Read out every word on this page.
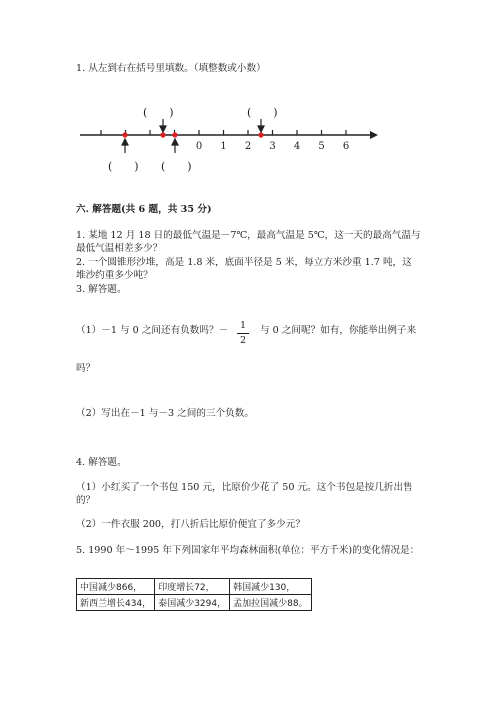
1. 从左到右在括号里填数。（填整数或小数）
(　　)	(　　)
(　　) (　　)
0 1 2 3 4 5 6
六. 解答题(共 6 题，共 35 分)
1. 某地 12 月 18 日的最低气温是－7℃，最高气温是 5℃，这一天的最高气温与
最低气温相差多少？
2. 一个圆锥形沙堆，高是 1.8 米，底面半径是 5 米，每立方米沙重 1.7 吨，这
堆沙约重多少吨？
3. 解答题。
（1）－1 与 0 之间还有负数吗？－	1
2
与 0 之间呢？如有，你能举出例子来
吗？
（2）写出在－1 与－3 之间的三个负数。
4. 解答题。
（1）小红买了一个书包 150 元，比原价少花了 50 元。这个书包是按几折出售
的？
（2）一件衣服 200，打八折后比原价便宜了多少元？
5. 1990 年～1995 年下列国家年平均森林面积(单位：平方千米)的变化情况是：
中国减少866，	印度增长72，	韩国减少130，
新西兰增长434，	泰国减少3294，	孟加拉国减少88。
